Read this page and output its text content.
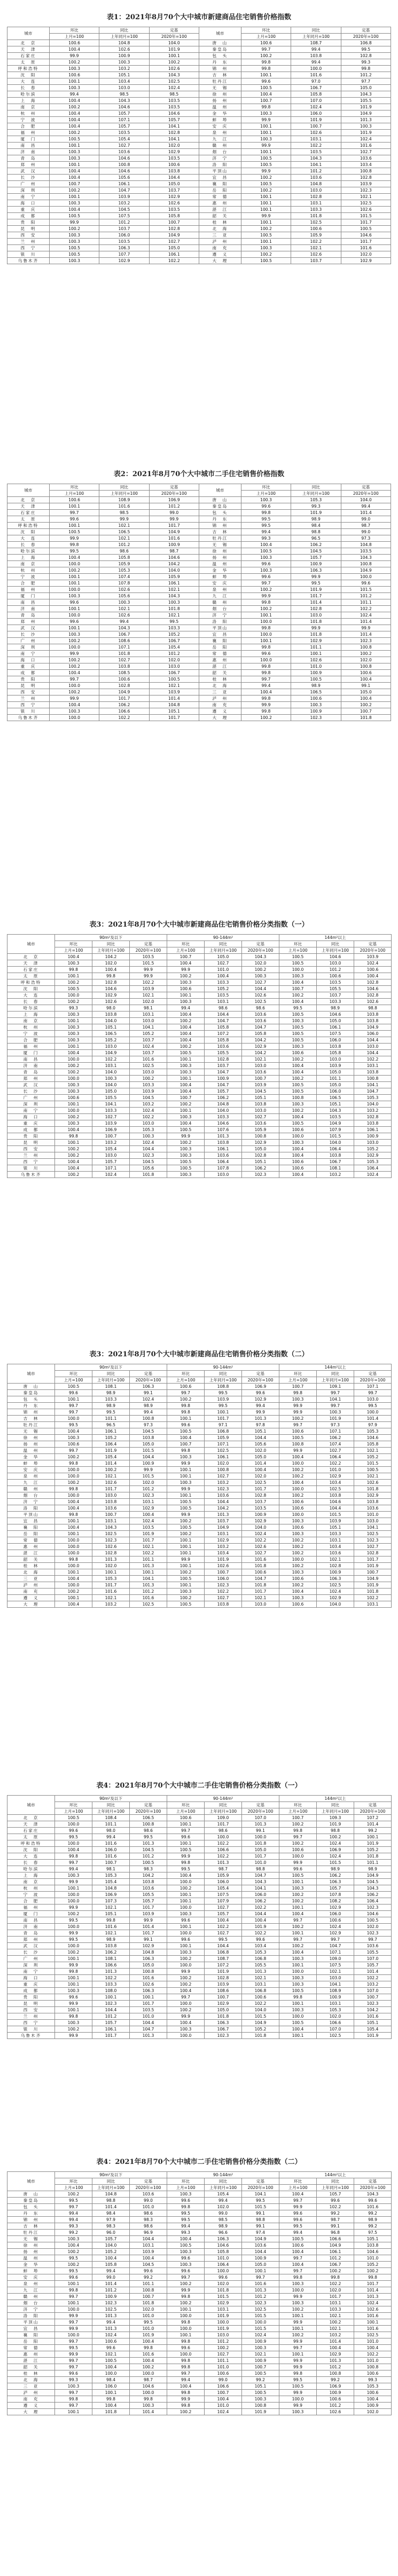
表1：2021年8月70个大中城市新建商品住宅销售价格指数
城市	环比	同比	定基	城市	环比	同比	定基
	上月=100	上年同月=100	2020年=100		上月=100	上年同月=100	2020年=100
北　京	100.6	104.8	104.0	唐　山	100.6	108.7	106.8
天　津	100.4	102.6	101.9	秦皇岛	99.7	99.4	99.5
石家庄	99.9	100.9	100.1	包　头	100.2	103.8	102.8
太　原	100.2	100.3	100.2	丹　东	99.8	99.4	99.3
呼和浩特	100.3	103.2	102.6	锦　州	99.8	100.0	99.8
沈　阳	100.6	105.1	104.3	吉　林	100.1	101.6	101.2
大　连	100.1	103.4	102.5	牡丹江	99.6	97.0	97.7
长　春	100.3	103.0	102.4	无　锡	100.5	106.7	105.0
哈尔滨	99.4	98.5	98.5	徐　州	100.4	105.8	104.3
上　海	100.4	104.3	103.5	扬　州	100.7	107.0	105.5
南　京	100.2	104.6	103.5	温　州	99.8	102.4	101.9
杭　州	100.4	105.7	104.6	金　华	100.3	106.0	104.9
宁　波	100.4	107.1	105.7	蚌　埠	99.9	101.9	101.3
合　肥	100.4	105.7	104.1	安　庆	100.1	100.7	100.3
福　州	100.2	103.5	102.8	泉　州	100.1	102.6	101.9
厦　门	100.5	105.4	104.1	九　江	100.3	103.1	102.4
南　昌	100.1	102.7	102.0	赣　州	99.9	102.2	101.6
济　南	100.3	103.6	102.9	烟　台	100.1	103.5	102.7
青　岛	100.3	104.6	103.5	济　宁	100.5	104.3	103.6
郑　州	100.1	100.8	100.6	洛　阳	100.5	104.1	103.4
武　汉	100.4	104.6	103.8	平顶山	99.9	101.2	100.8
长　沙	100.4	105.6	104.4	宜　昌	100.2	103.6	102.8
广　州	100.7	106.1	105.0	襄　阳	100.5	104.8	103.9
深　圳	100.2	104.7	103.7	岳　阳	100.2	103.0	102.3
南　宁	100.1	103.9	102.9	常　德	100.1	102.8	102.1
海　口	100.3	103.2	102.6	惠　州	100.1	103.1	102.5
重　庆	100.4	104.5	103.5	湛　江	100.1	103.3	102.6
成　都	100.5	107.5	105.8	韶　关	99.9	101.8	101.5
贵　阳	99.9	101.2	100.7	桂　林	100.1	102.5	101.7
昆　明	100.2	103.7	102.8	北　海	100.2	100.6	100.5
西　安	100.3	106.0	104.9	三　亚	100.5	105.9	104.6
兰　州	100.3	103.5	102.7	泸　州	100.1	102.2	101.7
西　宁	100.5	106.3	105.0	南　充	100.3	102.1	101.6
银　川	100.5	107.7	106.1	遵　义	100.2	102.6	102.0
乌鲁木齐	100.3	102.9	102.2	大　理	100.5	103.7	102.9
表2：2021年8月70个大中城市二手住宅销售价格指数
城市	环比	同比	定基	城市	环比	同比	定基
	上月=100	上年同月=100	2020年=100		上月=100	上年同月=100	2020年=100
北　京	100.6	108.9	106.9	唐　山	100.3	105.3	104.0
天　津	100.1	101.6	101.2	秦皇岛	99.6	99.3	99.4
石家庄	99.7	98.5	99.0	包　头	99.8	101.9	101.4
太　原	99.6	99.9	99.9	丹　东	99.5	98.9	99.0
呼和浩特	100.1	102.1	101.7	锦　州	99.5	98.4	98.7
沈　阳	100.5	106.5	104.9	吉　林	99.4	98.8	99.0
大　连	99.9	102.1	101.6	牡丹江	99.3	96.5	97.3
长　春	99.8	101.2	100.9	无　锡	100.4	106.2	104.8
哈尔滨	99.5	98.6	98.7	徐　州	100.5	104.5	103.5
上　海	100.4	105.8	104.6	扬　州	100.3	105.7	104.3
南　京	100.0	105.9	104.2	温　州	99.6	100.9	100.8
杭　州	100.2	105.3	104.0	金　华	100.3	106.3	104.9
宁　波	100.1	107.4	105.9	蚌　埠	99.6	99.9	100.0
合　肥	100.1	107.8	106.1	安　庆	99.7	99.5	99.6
福　州	100.0	102.6	102.1	泉　州	100.2	101.9	101.5
厦　门	100.3	105.6	104.3	九　江	99.9	101.7	101.2
南　昌	99.6	100.3	100.3	赣　州	99.8	101.4	101.1
济　南	100.1	102.1	101.8	烟　台	100.2	102.8	102.2
青　岛	100.0	102.6	102.1	济　宁	100.1	103.0	102.4
郑　州	99.6	99.4	99.5	洛　阳	100.0	101.8	101.4
武　汉	100.1	104.3	103.3	平顶山	99.8	99.9	99.9
长　沙	100.3	106.7	105.2	宜　昌	100.0	101.8	101.4
广　州	100.2	108.6	106.7	襄　阳	100.1	102.9	102.3
深　圳	100.0	107.1	105.4	岳　阳	99.8	101.1	100.8
南　宁	99.9	101.8	101.2	常　德	99.6	100.1	100.2
海　口	100.2	102.7	102.0	惠　州	100.0	102.6	102.0
重　庆	100.2	103.8	103.0	湛　江	99.8	101.0	100.8
成　都	100.4	108.5	106.7	韶　关	99.8	100.9	100.6
贵　阳	99.7	100.6	100.5	桂　林	99.7	100.5	100.4
昆　明	100.0	102.8	102.1	北　海	99.4	98.9	99.1
西　安	100.2	104.9	103.9	三　亚	100.4	106.5	105.0
兰　州	99.9	101.7	101.4	泸　州	99.8	100.6	100.4
西　宁	100.4	106.2	104.8	南　充	99.9	100.3	100.2
银　川	100.3	106.6	105.1	遵　义	99.8	100.9	100.7
乌鲁木齐	100.0	102.2	101.7	大　理	100.2	102.3	101.8
表3：2021年8月70个大中城市新建商品住宅销售价格分类指数（一）
城市	90m²及以下			90-144m²			144m²以上		
	环比	同比	定基	环比	同比	定基	环比	同比	定基
	上月=100	上年同月=100	2020年=100	上月=100	上年同月=100	2020年=100	上月=100	上年同月=100	2020年=100
北　京	100.4	104.2	103.5	100.7	105.0	104.3	100.5	104.6	103.9
天　津	100.3	102.0	101.5	100.4	102.7	102.0	100.5	103.0	102.4
石家庄	99.8	100.4	99.9	99.9	101.0	100.2	100.0	101.2	100.6
太　原	100.1	99.8	99.9	100.2	100.4	100.3	100.3	100.6	100.4
呼和浩特	100.2	102.8	102.2	100.3	103.3	102.7	100.4	103.5	102.8
沈　阳	100.5	104.6	103.9	100.6	105.2	104.4	100.7	105.5	104.6
大　连	100.0	102.9	102.1	100.1	103.5	102.6	100.2	103.7	102.8
长　春	100.2	102.6	102.0	100.3	103.1	102.5	100.4	103.3	102.6
哈尔滨	99.3	98.0	98.1	99.4	98.6	98.6	99.5	98.9	98.8
上　海	100.3	103.8	103.1	100.4	104.4	103.6	100.5	104.6	103.8
南　京	100.1	104.0	103.0	100.2	104.7	103.6	100.3	105.0	103.8
杭　州	100.3	105.1	104.1	100.4	105.8	104.7	100.5	106.1	104.9
宁　波	100.3	106.5	105.2	100.4	107.2	105.8	100.5	107.5	106.0
合　肥	100.3	105.2	103.7	100.4	105.8	104.2	100.5	106.0	104.4
福　州	100.1	103.0	102.4	100.2	103.6	102.9	100.3	103.8	103.0
厦　门	100.4	104.9	103.7	100.5	105.5	104.2	100.6	105.8	104.4
南　昌	100.0	102.2	101.6	100.1	102.8	102.1	100.2	103.0	102.2
济　南	100.2	103.1	102.5	100.3	103.7	103.0	100.4	103.9	103.1
青　岛	100.2	104.0	103.0	100.3	104.7	103.6	100.4	105.0	103.8
郑　州	100.0	100.3	100.2	100.1	100.9	100.7	100.2	101.1	100.8
武　汉	100.3	104.0	103.3	100.4	104.7	103.9	100.5	105.0	104.1
长　沙	100.3	105.0	103.9	100.4	105.7	104.5	100.5	106.0	104.7
广　州	100.6	105.5	104.5	100.7	106.2	105.1	100.8	106.5	105.3
深　圳	100.1	104.1	103.2	100.2	104.8	103.8	100.3	105.1	104.0
南　宁	100.0	103.3	102.4	100.1	104.0	103.0	100.2	104.3	103.2
海　口	100.2	102.7	102.2	100.3	103.3	102.7	100.4	103.5	102.8
重　庆	100.3	103.9	103.0	100.4	104.6	103.6	100.5	104.9	103.8
成　都	100.4	106.9	105.3	100.5	107.6	105.9	100.6	107.9	106.1
贵　阳	99.8	100.7	100.3	99.9	101.3	100.8	100.0	101.5	100.9
昆　明	100.1	103.2	102.4	100.2	103.8	102.9	100.3	104.0	103.0
西　安	100.2	105.4	104.4	100.3	106.1	105.0	100.4	106.4	105.2
兰　州	100.2	103.0	102.3	100.3	103.6	102.8	100.4	103.8	102.9
西　宁	100.4	105.7	104.5	100.5	106.4	105.1	100.6	106.7	105.3
银　川	100.4	107.1	105.6	100.5	107.8	106.2	100.6	108.1	106.4
乌鲁木齐	100.2	102.4	101.8	100.3	103.0	102.3	100.4	103.2	102.4
表3：2021年8月70个大中城市新建商品住宅销售价格分类指数（二）
城市	90m²及以下			90-144m²			144m²以上		
	环比	同比	定基	环比	同比	定基	环比	同比	定基
	上月=100	上年同月=100	2020年=100	上月=100	上年同月=100	2020年=100	上月=100	上年同月=100	2020年=100
唐　山	100.5	108.1	106.3	100.6	108.8	106.9	100.7	109.1	107.1
秦皇岛	99.6	98.9	99.1	99.7	99.5	99.6	99.8	99.7	99.7
包　头	100.1	103.3	102.4	100.2	103.9	102.9	100.3	104.1	103.0
丹　东	99.7	98.9	98.9	99.8	99.5	99.4	99.9	99.7	99.5
锦　州	99.7	99.5	99.4	99.8	100.1	99.9	99.9	100.3	100.0
吉　林	100.0	101.1	100.8	100.1	101.7	101.3	100.2	101.9	101.4
牡丹江	99.5	96.5	97.3	99.6	97.1	97.8	99.7	97.3	97.9
无　锡	100.4	106.1	104.5	100.5	106.8	105.1	100.6	107.1	105.3
徐　州	100.3	105.2	103.8	100.4	105.9	104.4	100.5	106.2	104.6
扬　州	100.6	106.4	105.0	100.7	107.1	105.6	100.8	107.4	105.8
温　州	99.7	101.9	101.5	99.8	102.5	102.0	99.9	102.7	102.1
金　华	100.2	105.4	104.4	100.3	106.1	105.0	100.4	106.4	105.2
蚌　埠	99.8	101.4	100.9	99.9	102.0	101.4	100.0	102.2	101.5
安　庆	100.0	100.2	99.9	100.1	100.8	100.4	100.2	101.0	100.5
泉　州	100.0	102.1	101.5	100.1	102.7	102.0	100.2	102.9	102.1
九　江	100.2	102.6	102.0	100.3	103.2	102.5	100.4	103.4	102.6
赣　州	99.8	101.7	101.2	99.9	102.3	101.7	100.0	102.5	101.8
烟　台	100.0	103.0	102.3	100.1	103.6	102.8	100.2	103.8	102.9
济　宁	100.4	103.8	103.1	100.5	104.4	103.7	100.6	104.6	103.8
洛　阳	100.4	103.6	102.9	100.5	104.2	103.5	100.6	104.4	103.6
平顶山	99.8	100.7	100.4	99.9	101.3	100.9	100.0	101.5	101.0
宜　昌	100.1	103.1	102.4	100.2	103.7	102.9	100.3	103.9	103.0
襄　阳	100.4	104.3	103.5	100.5	104.9	104.0	100.6	105.1	104.1
岳　阳	100.1	102.5	101.9	100.2	103.1	102.4	100.3	103.3	102.5
常　德	100.0	102.3	101.7	100.1	102.9	102.2	100.2	103.1	102.3
惠　州	100.0	102.6	102.1	100.1	103.2	102.6	100.2	103.4	102.7
湛　江	100.0	102.8	102.2	100.1	103.4	102.7	100.2	103.6	102.8
韶　关	99.8	101.3	101.1	99.9	101.9	101.6	100.0	102.1	101.7
桂　林	100.0	102.0	101.3	100.1	102.6	101.8	100.2	102.8	101.9
北　海	100.1	100.1	100.1	100.2	100.7	100.6	100.3	100.9	100.7
三　亚	100.4	105.3	104.1	100.5	106.0	104.7	100.6	106.3	104.9
泸　州	100.0	101.7	101.3	100.1	102.3	101.8	100.2	102.5	101.9
南　充	100.2	101.6	101.2	100.3	102.2	101.7	100.4	102.4	101.8
遵　义	100.1	102.1	101.6	100.2	102.7	102.1	100.3	102.9	102.2
大　理	100.4	103.2	102.5	100.5	103.8	103.0	100.6	104.0	103.1
表4：2021年8月70个大中城市二手住宅销售价格分类指数（一）
城市	90m²及以下			90-144m²			144m²以上		
	环比	同比	定基	环比	同比	定基	环比	同比	定基
	上月=100	上年同月=100	2020年=100	上月=100	上年同月=100	2020年=100	上月=100	上年同月=100	2020年=100
北　京	100.5	108.4	106.5	100.6	109.0	107.0	100.7	109.3	107.2
天　津	100.0	101.1	100.8	100.1	101.7	101.3	100.2	101.9	101.4
石家庄	99.6	98.0	98.6	99.7	98.6	99.1	99.8	98.8	99.2
太　原	99.5	99.4	99.5	99.6	100.0	100.0	99.7	100.2	100.1
呼和浩特	100.0	101.6	101.3	100.1	102.2	101.8	100.2	102.4	101.9
沈　阳	100.4	106.0	104.5	100.5	106.6	105.0	100.6	106.9	105.2
大　连	99.8	101.6	101.2	99.9	102.2	101.7	100.0	102.4	101.8
长　春	99.7	100.7	100.5	99.8	101.3	101.0	99.9	101.5	101.1
哈尔滨	99.4	98.1	98.3	99.5	98.7	98.8	99.6	98.9	98.9
上　海	100.3	105.3	104.2	100.4	105.9	104.7	100.5	106.2	104.9
南　京	99.9	105.4	103.8	100.0	106.0	104.3	100.1	106.3	104.5
杭　州	100.1	104.8	103.6	100.2	105.4	104.1	100.3	105.7	104.3
宁　波	100.0	106.9	105.5	100.1	107.5	106.0	100.2	107.8	106.2
合　肥	100.0	107.3	105.7	100.1	107.9	106.2	100.2	108.2	106.4
福　州	99.9	102.1	101.7	100.0	102.7	102.2	100.1	102.9	102.3
厦　门	100.2	105.1	103.9	100.3	105.7	104.4	100.4	106.0	104.6
南　昌	99.5	99.8	99.9	99.6	100.4	100.4	99.7	100.6	100.5
济　南	100.0	101.6	101.4	100.1	102.2	101.9	100.2	102.4	102.0
青　岛	99.9	102.1	101.7	100.0	102.7	102.2	100.1	102.9	102.3
郑　州	99.5	98.9	99.1	99.6	99.5	99.6	99.7	99.7	99.7
武　汉	100.0	103.8	102.9	100.1	104.4	103.4	100.2	104.7	103.6
长　沙	100.2	106.2	104.8	100.3	106.8	105.3	100.4	107.1	105.5
广　州	100.1	108.1	106.3	100.2	108.7	106.8	100.3	109.0	107.0
深　圳	99.9	106.6	105.0	100.0	107.2	105.5	100.1	107.5	105.7
南　宁	99.8	101.3	100.8	99.9	101.9	101.3	100.0	102.1	101.4
海　口	100.1	102.2	101.6	100.2	102.8	102.1	100.3	103.0	102.2
重　庆	100.1	103.3	102.6	100.2	103.9	103.1	100.3	104.1	103.2
成　都	100.3	108.0	106.3	100.4	108.6	106.8	100.5	108.9	107.0
贵　阳	99.6	100.1	100.1	99.7	100.7	100.6	99.8	100.9	100.7
昆　明	99.9	102.3	101.7	100.0	102.9	102.2	100.1	103.1	102.3
西　安	100.1	104.4	103.5	100.2	105.0	104.0	100.3	105.3	104.2
兰　州	99.8	101.2	101.0	99.9	101.8	101.5	100.0	102.0	101.6
西　宁	100.3	105.7	104.4	100.4	106.3	104.9	100.5	106.6	105.1
银　川	100.2	106.1	104.7	100.3	106.7	105.2	100.4	107.0	105.4
乌鲁木齐	99.9	101.7	101.3	100.0	102.3	101.8	100.1	102.5	101.9
表4：2021年8月70个大中城市二手住宅销售价格分类指数（二）
城市	90m²及以下			90-144m²			144m²以上		
	环比	同比	定基	环比	同比	定基	环比	同比	定基
	上月=100	上年同月=100	2020年=100	上月=100	上年同月=100	2020年=100	上月=100	上年同月=100	2020年=100
唐　山	100.2	104.8	103.6	100.3	105.4	104.1	100.4	105.7	104.3
秦皇岛	99.5	98.8	99.0	99.6	99.4	99.5	99.7	99.6	99.6
包　头	99.7	101.4	101.0	99.8	102.0	101.5	99.9	102.2	101.6
丹　东	99.4	98.4	98.6	99.5	99.0	99.1	99.6	99.2	99.2
锦　州	99.4	97.9	98.3	99.5	98.5	98.8	99.6	98.7	98.9
吉　林	99.3	98.3	98.6	99.4	98.9	99.1	99.5	99.1	99.2
牡丹江	99.2	96.0	96.9	99.3	96.6	97.4	99.4	96.8	97.5
无　锡	100.3	105.7	104.4	100.4	106.3	104.9	100.5	106.6	105.1
徐　州	100.4	104.0	103.1	100.5	104.6	103.6	100.6	104.9	103.8
扬　州	100.2	105.2	103.9	100.3	105.8	104.4	100.4	106.1	104.6
温　州	99.5	100.4	100.4	99.6	101.0	100.9	99.7	101.2	101.0
金　华	100.2	105.8	104.5	100.3	106.4	105.0	100.4	106.7	105.2
蚌　埠	99.5	99.4	99.6	99.6	100.0	100.1	99.7	100.2	100.2
安　庆	99.6	99.0	99.2	99.7	99.6	99.7	99.8	99.8	99.8
泉　州	100.1	101.4	101.1	100.2	102.0	101.6	100.3	102.2	101.7
九　江	99.8	101.2	100.8	99.9	101.8	101.3	100.0	102.0	101.4
赣　州	99.7	100.9	100.7	99.8	101.5	101.2	99.9	101.7	101.3
烟　台	100.1	102.3	101.8	100.2	102.9	102.3	100.3	103.1	102.4
济　宁	100.0	102.5	102.0	100.1	103.1	102.5	100.2	103.3	102.6
洛　阳	99.9	101.3	101.0	100.0	101.9	101.5	100.1	102.1	101.6
平顶山	99.7	99.4	99.5	99.8	100.0	100.0	99.9	100.2	100.1
宜　昌	99.9	101.3	101.0	100.0	101.9	101.5	100.1	102.1	101.6
襄　阳	100.0	102.4	101.9	100.1	103.0	102.4	100.2	103.2	102.5
岳　阳	99.7	100.6	100.4	99.8	101.2	100.9	99.9	101.4	101.0
常　德	99.5	99.6	99.8	99.6	100.2	100.3	99.7	100.4	100.4
惠　州	99.9	102.1	101.6	100.0	102.7	102.1	100.1	102.9	102.2
湛　江	99.7	100.5	100.4	99.8	101.1	100.9	99.9	101.3	101.0
韶　关	99.7	100.4	100.2	99.8	101.0	100.7	99.9	101.2	100.8
桂　林	99.6	100.0	100.0	99.7	100.6	100.5	99.8	100.8	100.6
北　海	99.3	98.4	98.7	99.4	99.0	99.2	99.5	99.2	99.3
三　亚	100.3	106.0	104.6	100.4	106.6	105.1	100.5	106.9	105.3
泸　州	99.7	100.1	100.0	99.8	100.7	100.5	99.9	100.9	100.6
南　充	99.8	99.8	99.8	99.9	100.4	100.3	100.0	100.6	100.4
遵　义	99.7	100.4	100.3	99.8	101.0	100.8	99.9	101.2	100.9
大　理	100.1	101.8	101.4	100.2	102.4	101.9	100.3	102.6	102.0
